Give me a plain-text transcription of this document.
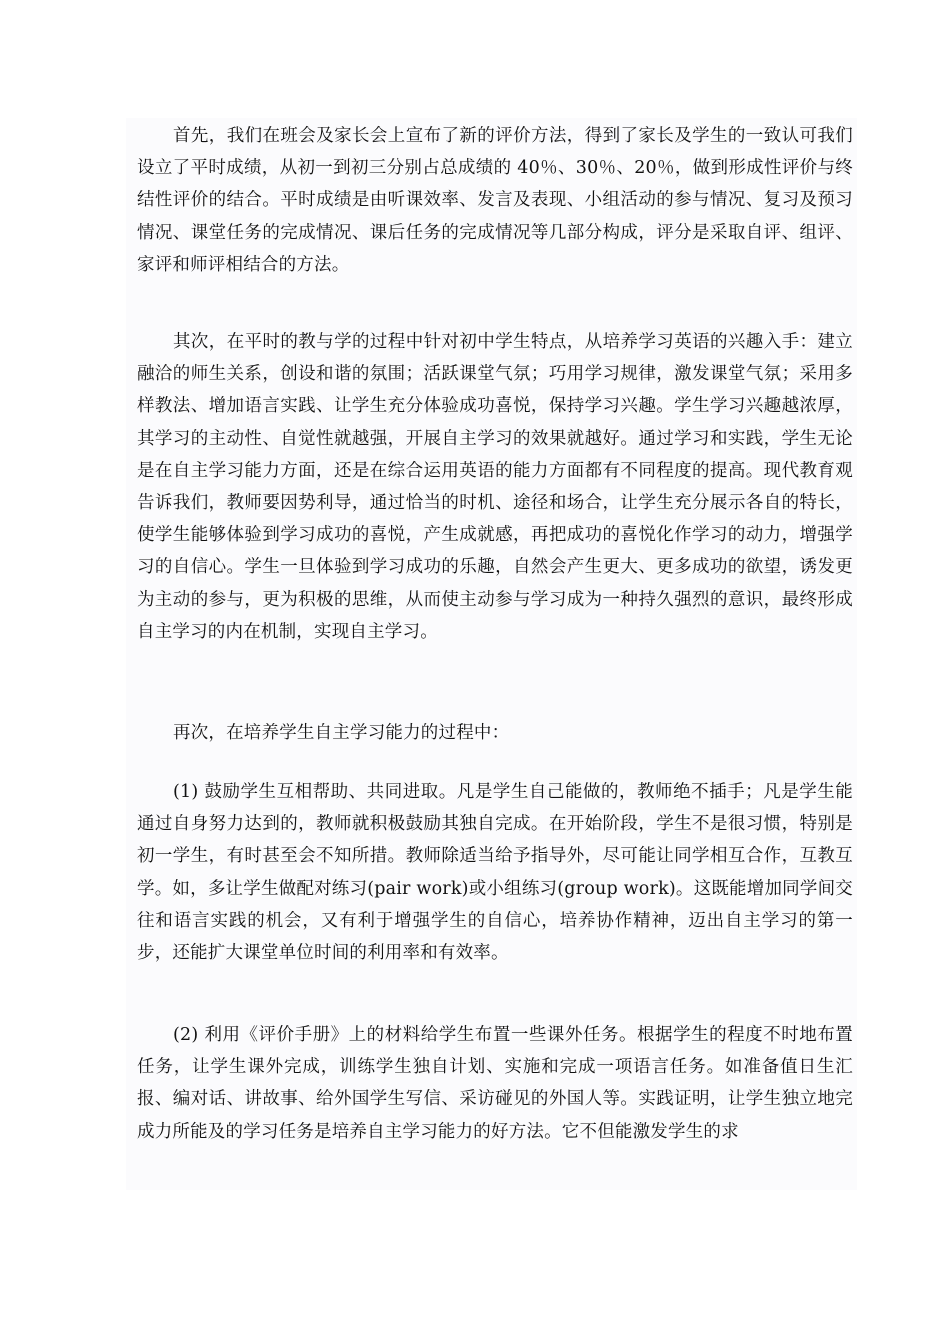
首先，我们在班会及家长会上宣布了新的评价方法，得到了家长及学生的一致认可我们设立了平时成绩，从初一到初三分别占总成绩的 40％、30％、20％，做到形成性评价与终结性评价的结合。平时成绩是由听课效率、发言及表现、小组活动的参与情况、复习及预习情况、课堂任务的完成情况、课后任务的完成情况等几部分构成，评分是采取自评、组评、家评和师评相结合的方法。

其次，在平时的教与学的过程中针对初中学生特点，从培养学习英语的兴趣入手：建立融洽的师生关系，创设和谐的氛围；活跃课堂气氛；巧用学习规律，激发课堂气氛；采用多样教法、增加语言实践、让学生充分体验成功喜悦，保持学习兴趣。学生学习兴趣越浓厚，其学习的主动性、自觉性就越强，开展自主学习的效果就越好。通过学习和实践，学生无论是在自主学习能力方面，还是在综合运用英语的能力方面都有不同程度的提高。现代教育观告诉我们，教师要因势利导，通过恰当的时机、途径和场合，让学生充分展示各自的特长，使学生能够体验到学习成功的喜悦，产生成就感，再把成功的喜悦化作学习的动力，增强学习的自信心。学生一旦体验到学习成功的乐趣，自然会产生更大、更多成功的欲望，诱发更为主动的参与，更为积极的思维，从而使主动参与学习成为一种持久强烈的意识，最终形成自主学习的内在机制，实现自主学习。

再次，在培养学生自主学习能力的过程中：

(1) 鼓励学生互相帮助、共同进取。凡是学生自己能做的，教师绝不插手；凡是学生能通过自身努力达到的，教师就积极鼓励其独自完成。在开始阶段，学生不是很习惯，特别是初一学生，有时甚至会不知所措。教师除适当给予指导外，尽可能让同学相互合作，互教互学。如，多让学生做配对练习(pair work)或小组练习(group work)。这既能增加同学间交往和语言实践的机会，又有利于增强学生的自信心，培养协作精神，迈出自主学习的第一步，还能扩大课堂单位时间的利用率和有效率。

(2) 利用《评价手册》上的材料给学生布置一些课外任务。根据学生的程度不时地布置任务，让学生课外完成，训练学生独自计划、实施和完成一项语言任务。如准备值日生汇报、编对话、讲故事、给外国学生写信、采访碰见的外国人等。实践证明，让学生独立地完成力所能及的学习任务是培养自主学习能力的好方法。它不但能激发学生的求
